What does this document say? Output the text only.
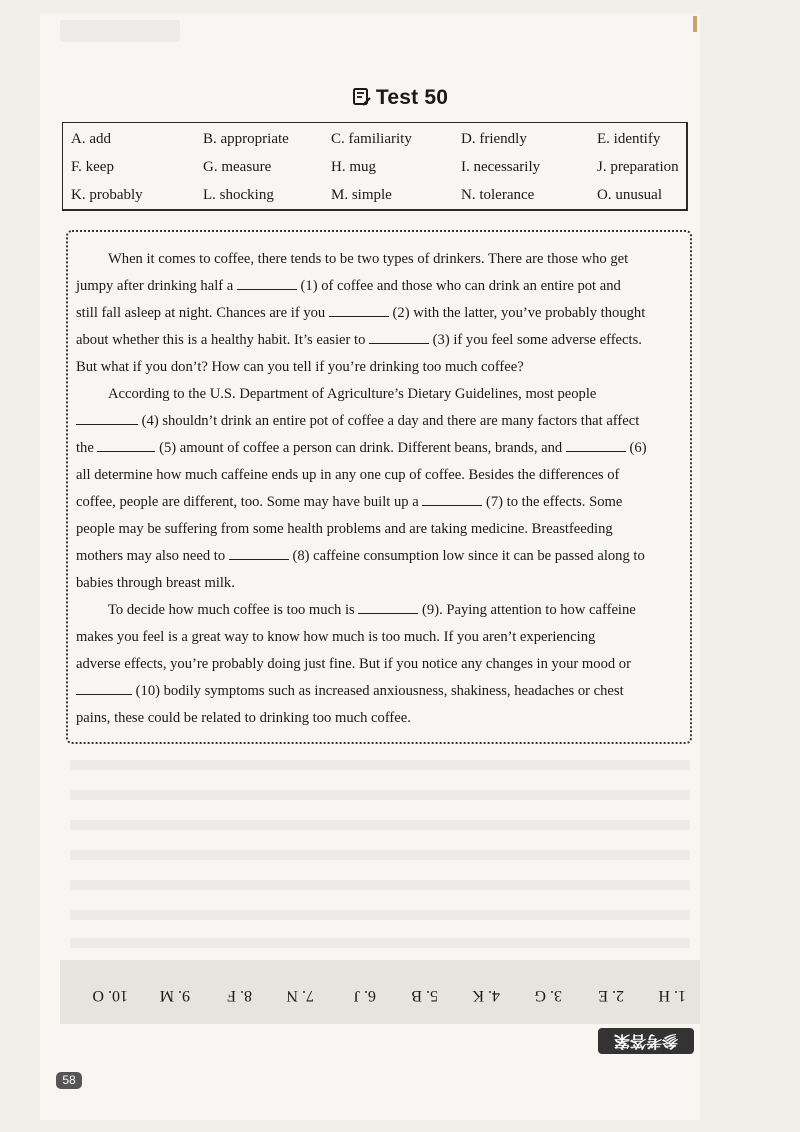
Test 50
A. add	B. appropriate	C. familiarity	D. friendly	E. identify
F. keep	G. measure	H. mug	I. necessarily	J. preparation
K. probably	L. shocking	M. simple	N. tolerance	O. unusual
When it comes to coffee, there tends to be two types of drinkers. There are those who get
jumpy after drinking half a	(1) of coffee and those who can drink an entire pot and
still fall asleep at night. Chances are if you	(2) with the latter, you’ve probably thought
about whether this is a healthy habit. It’s easier to	(3) if you feel some adverse effects.
But what if you don’t? How can you tell if you’re drinking too much coffee?
According to the U.S. Department of Agriculture’s Dietary Guidelines, most people
(4) shouldn’t drink an entire pot of coffee a day and there are many factors that affect
the	(5) amount of coffee a person can drink. Different beans, brands, and	(6)
all determine how much caffeine ends up in any one cup of coffee. Besides the differences of
coffee, people are different, too. Some may have built up a	(7) to the effects. Some
people may be suffering from some health problems and are taking medicine. Breastfeeding
mothers may also need to	(8) caffeine consumption low since it can be passed along to
babies through breast milk.
To decide how much coffee is too much is	(9). Paying attention to how caffeine
makes you feel is a great way to know how much is too much. If you aren’t experiencing
adverse effects, you’re probably doing just fine. But if you notice any changes in your mood or
(10) bodily symptoms such as increased anxiousness, shakiness, headaches or chest
pains, these could be related to drinking too much coffee.
1. H
2. E
3. G
4. K
5. B
6. J
7. N
8. F
9. M
10. O
参考答案
58
